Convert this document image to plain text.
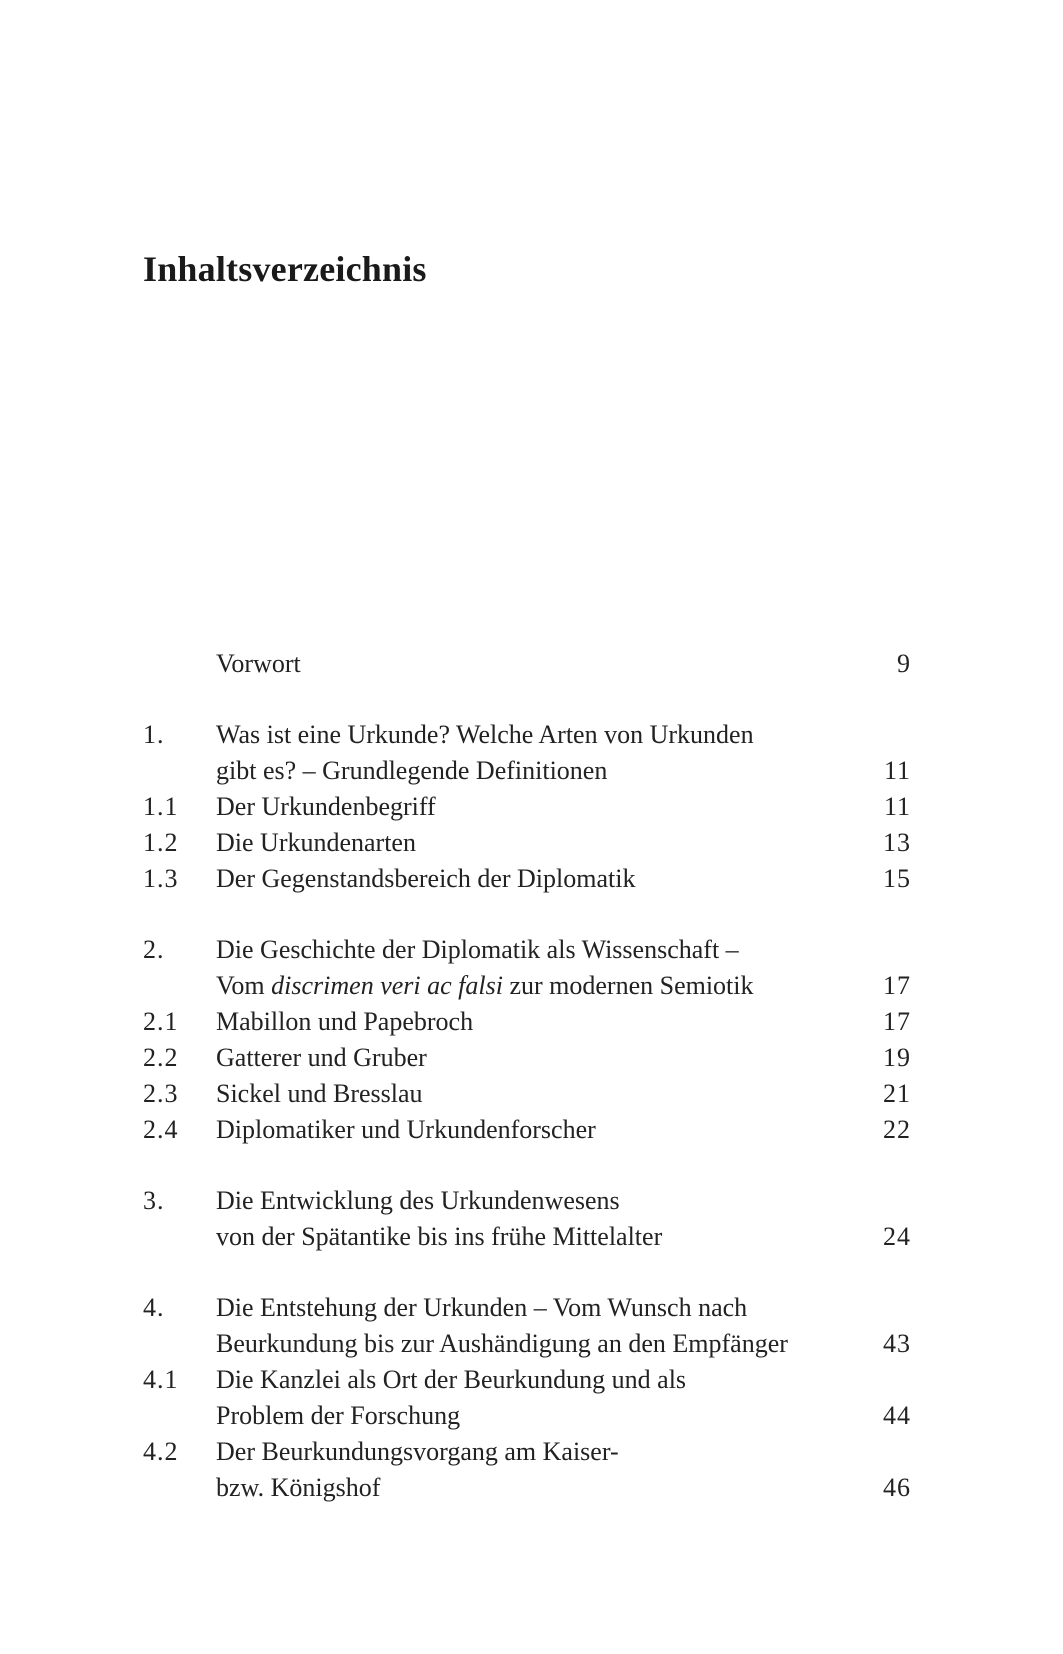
Inhaltsverzeichnis
Vorwort	9
1.	Was ist eine Urkunde? Welche Arten von Urkunden
gibt es? – Grundlegende Definitionen	11
1.1	Der Urkundenbegriff	11
1.2	Die Urkundenarten	13
1.3	Der Gegenstandsbereich der Diplomatik	15
2.	Die Geschichte der Diplomatik als Wissenschaft –
Vom discrimen veri ac falsi zur modernen Semiotik	17
2.1	Mabillon und Papebroch	17
2.2	Gatterer und Gruber	19
2.3	Sickel und Bresslau	21
2.4	Diplomatiker und Urkundenforscher	22
3.	Die Entwicklung des Urkundenwesens
von der Spätantike bis ins frühe Mittelalter	24
4.	Die Entstehung der Urkunden – Vom Wunsch nach
Beurkundung bis zur Aushändigung an den Empfänger	43
4.1	Die Kanzlei als Ort der Beurkundung und als
Problem der Forschung	44
4.2	Der Beurkundungsvorgang am Kaiser-
bzw. Königshof	46
